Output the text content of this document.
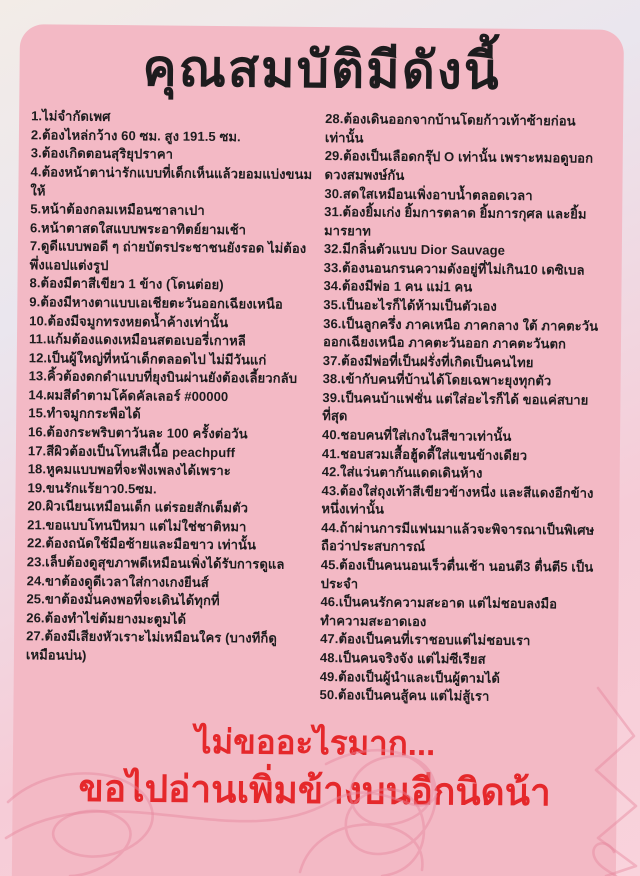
คุณสมบัติมีดังนี้
1.ไม่จำกัดเพศ
2.ต้องไหล่กว้าง 60 ซม. สูง 191.5 ซม.
3.ต้องเกิดตอนสุริยุปราคา
4.ต้องหน้าตาน่ารักแบบที่เด็กเห็นแล้วยอมแบ่งขนมให้
5.หน้าต้องกลมเหมือนซาลาเปา
6.หน้าตาสดใสแบบพระอาทิตย์ยามเช้า
7.ดูดีแบบพอดี ๆ ถ่ายบัตรประชาชนยังรอด ไม่ต้องพึ่งแอปแต่งรูป
8.ต้องมีตาสีเขียว 1 ข้าง (โดนต่อย)
9.ต้องมีหางตาแบบเอเชียตะวันออกเฉียงเหนือ
10.ต้องมีจมูกทรงหยดน้ำค้างเท่านั้น
11.แก้มต้องแดงเหมือนสตอเบอรี่เกาหลี
12.เป็นผู้ใหญ่ที่หน้าเด็กตลอดไป ไม่มีวันแก่
13.คิ้วต้องดกดำแบบที่ยุงบินผ่านยังต้องเลี้ยวกลับ
14.ผมสีดำตามโค้ดคัลเลอร์ #00000
15.ทำจมูกกระพือได้
16.ต้องกระพริบตาวันละ 100 ครั้งต่อวัน
17.สีผิวต้องเป็นโทนสีเนื้อ peachpuff
18.หูคมแบบพอที่จะฟังเพลงได้เพราะ
19.ขนรักแร้ยาว0.5ซม.
20.ผิวเนียนเหมือนเด็ก แต่รอยสักเต็มตัว
21.ขอแบบโทนปีหมา แต่ไม่ใช่ชาติหมา
22.ต้องถนัดใช้มือซ้ายและมือขาว เท่านั้น
23.เล็บต้องดูสุขภาพดีเหมือนเพิ่งได้รับการดูแล
24.ขาต้องดูดีเวลาใส่กางเกงยีนส์
25.ขาต้องมั่นคงพอที่จะเดินได้ทุกที่
26.ต้องทำไข่ต้มยางมะตูมได้
27.ต้องมีเสียงหัวเราะไม่เหมือนใคร (บางทีก็ดูเหมือนบ่น)
28.ต้องเดินออกจากบ้านโดยก้าวเท้าซ้ายก่อน เท่านั้น
29.ต้องเป็นเลือดกรุ๊ป O เท่านั้น เพราะหมอดูบอก ดวงสมพงษ์กัน
30.สดใสเหมือนเพิ่งอาบน้ำตลอดเวลา
31.ต้องยิ้มเก่ง ยิ้มการตลาด ยิ้มการกุศล และยิ้มมารยาท
32.มีกลิ่นตัวแบบ Dior Sauvage
33.ต้องนอนกรนความดังอยู่ที่ไม่เกิน10 เดซิเบล
34.ต้องมีพ่อ 1 คน แม่1 คน
35.เป็นอะไรก็ได้ห้ามเป็นตัวเอง
36.เป็นลูกครึ่ง ภาคเหนือ ภาคกลาง ใต้ ภาคตะวันออกเฉียงเหนือ ภาคตะวันออก ภาคตะวันตก
37.ต้องมีพ่อที่เป็นฝรั่งที่เกิดเป็นคนไทย
38.เข้ากับคนที่บ้านได้โดยเฉพาะยุงทุกตัว
39.เป็นคนบ้าแฟชั่น แต่ใส่อะไรก็ได้ ขอแค่สบายที่สุด
40.ชอบคนที่ใส่เกงในสีขาวเท่านั้น
41.ชอบสวมเสื้อฮู้ดดี้ใส่แขนข้างเดียว
42.ใส่แว่นตากันแดดเดินห้าง
43.ต้องใส่ถุงเท้าสีเขียวข้างหนึ่ง และสีแดงอีกข้างหนึ่งเท่านั้น
44.ถ้าผ่านการมีแฟนมาแล้วจะพิจารณาเป็นพิเศษถือว่าประสบการณ์
45.ต้องเป็นคนนอนเร็วตื่นเช้า นอนตี3 ตื่นตี5 เป็นประจำ
46.เป็นคนรักความสะอาด แต่ไม่ชอบลงมือทำความสะอาดเอง
47.ต้องเป็นคนที่เราชอบแต่ไม่ชอบเรา
48.เป็นคนจริงจัง แต่ไม่ซีเรียส
49.ต้องเป็นผู้นำและเป็นผู้ตามได้
50.ต้องเป็นคนสู้คน แต่ไม่สู้เรา
ไม่ขออะไรมาก...
ขอไปอ่านเพิ่มข้างบนอีกนิดน้า
